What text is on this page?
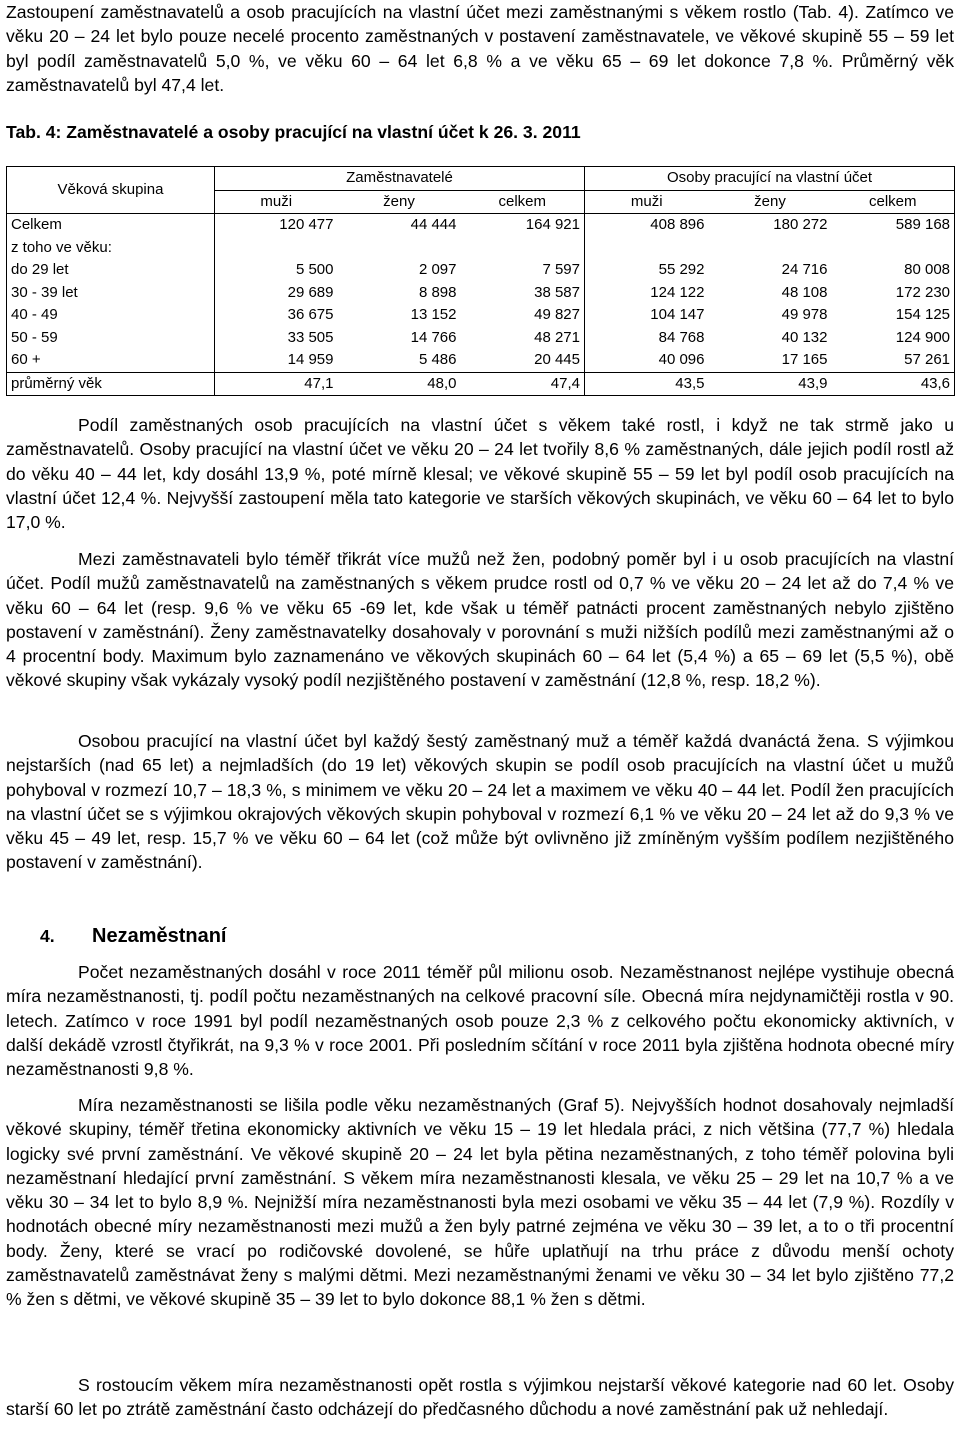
Zastoupení zaměstnavatelů a osob pracujících na vlastní účet mezi zaměstnanými s věkem rostlo (Tab. 4). Zatímco ve věku 20 – 24 let bylo pouze necelé procento zaměstnaných v postavení zaměstnavatele, ve věkové skupině 55 – 59 let byl podíl zaměstnavatelů 5,0 %, ve věku 60 – 64 let 6,8 % a ve věku 65 – 69 let dokonce 7,8 %. Průměrný věk zaměstnavatelů byl 47,4 let.

Tab. 4: Zaměstnavatelé a osoby pracující na vlastní účet k 26. 3. 2011
Věková skupina	Zaměstnavatelé			Osoby pracující na vlastní účet		
	muži	ženy	celkem	muži	ženy	celkem
Celkem	120 477	44 444	164 921	408 896	180 272	589 168
z toho ve věku:						
do 29 let	5 500	2 097	7 597	55 292	24 716	80 008
30 - 39 let	29 689	8 898	38 587	124 122	48 108	172 230
40 - 49	36 675	13 152	49 827	104 147	49 978	154 125
50 - 59	33 505	14 766	48 271	84 768	40 132	124 900
60 +	14 959	5 486	20 445	40 096	17 165	57 261
průměrný věk	47,1	48,0	47,4	43,5	43,9	43,6

Podíl zaměstnaných osob pracujících na vlastní účet s věkem také rostl, i když ne tak strmě jako u zaměstnavatelů. Osoby pracující na vlastní účet ve věku 20 – 24 let tvořily 8,6 % zaměstnaných, dále jejich podíl rostl až do věku 40 – 44 let, kdy dosáhl 13,9 %, poté mírně klesal; ve věkové skupině 55 – 59 let byl podíl osob pracujících na vlastní účet 12,4 %. Nejvyšší zastoupení měla tato kategorie ve starších věkových skupinách, ve věku 60 – 64 let to bylo 17,0 %.

Mezi zaměstnavateli bylo téměř třikrát více mužů než žen, podobný poměr byl i u osob pracujících na vlastní účet. Podíl mužů zaměstnavatelů na zaměstnaných s věkem prudce rostl od 0,7 % ve věku 20 – 24 let až do 7,4 % ve věku 60 – 64 let (resp. 9,6 % ve věku 65 -69 let, kde však u téměř patnácti procent zaměstnaných nebylo zjištěno postavení v zaměstnání). Ženy zaměstnavatelky dosahovaly v porovnání s muži nižších podílů mezi zaměstnanými až o 4 procentní body. Maximum bylo zaznamenáno ve věkových skupinách 60 – 64 let (5,4 %) a 65 – 69 let (5,5 %), obě věkové skupiny však vykázaly vysoký podíl nezjištěného postavení v zaměstnání (12,8 %, resp. 18,2 %).

Osobou pracující na vlastní účet byl každý šestý zaměstnaný muž a téměř každá dvanáctá žena. S výjimkou nejstarších (nad 65 let) a nejmladších (do 19 let) věkových skupin se podíl osob pracujících na vlastní účet u mužů pohyboval v rozmezí 10,7 – 18,3 %, s minimem ve věku 20 – 24 let a maximem ve věku 40 – 44 let. Podíl žen pracujících na vlastní účet se s výjimkou okrajových věkových skupin pohyboval v rozmezí 6,1 % ve věku 20 – 24 let až do 9,3 % ve věku 45 – 49 let, resp. 15,7 % ve věku 60 – 64 let (což může být ovlivněno již zmíněným vyšším podílem nezjištěného postavení v zaměstnání).

4. Nezaměstnaní

Počet nezaměstnaných dosáhl v roce 2011 téměř půl milionu osob. Nezaměstnanost nejlépe vystihuje obecná míra nezaměstnanosti, tj. podíl počtu nezaměstnaných na celkové pracovní síle. Obecná míra nejdynamičtěji rostla v 90. letech. Zatímco v roce 1991 byl podíl nezaměstnaných osob pouze 2,3 % z celkového počtu ekonomicky aktivních, v další dekádě vzrostl čtyřikrát, na 9,3 % v roce 2001. Při posledním sčítání v roce 2011 byla zjištěna hodnota obecné míry nezaměstnanosti 9,8 %.

Míra nezaměstnanosti se lišila podle věku nezaměstnaných (Graf 5). Nejvyšších hodnot dosahovaly nejmladší věkové skupiny, téměř třetina ekonomicky aktivních ve věku 15 – 19 let hledala práci, z nich většina (77,7 %) hledala logicky své první zaměstnání. Ve věkové skupině 20 – 24 let byla pětina nezaměstnaných, z toho téměř polovina byli nezaměstnaní hledající první zaměstnání. S věkem míra nezaměstnanosti klesala, ve věku 25 – 29 let na 10,7 % a ve věku 30 – 34 let to bylo 8,9 %. Nejnižší míra nezaměstnanosti byla mezi osobami ve věku 35 – 44 let (7,9 %). Rozdíly v hodnotách obecné míry nezaměstnanosti mezi mužů a žen byly patrné zejména ve věku 30 – 39 let, a to o tři procentní body. Ženy, které se vrací po rodičovské dovolené, se hůře uplatňují na trhu práce z důvodu menší ochoty zaměstnavatelů zaměstnávat ženy s malými dětmi. Mezi nezaměstnanými ženami ve věku 30 – 34 let bylo zjištěno 77,2 % žen s dětmi, ve věkové skupině 35 – 39 let to bylo dokonce 88,1 % žen s dětmi.

S rostoucím věkem míra nezaměstnanosti opět rostla s výjimkou nejstarší věkové kategorie nad 60 let. Osoby starší 60 let po ztrátě zaměstnání často odcházejí do předčasného důchodu a nové zaměstnání pak už nehledají.
